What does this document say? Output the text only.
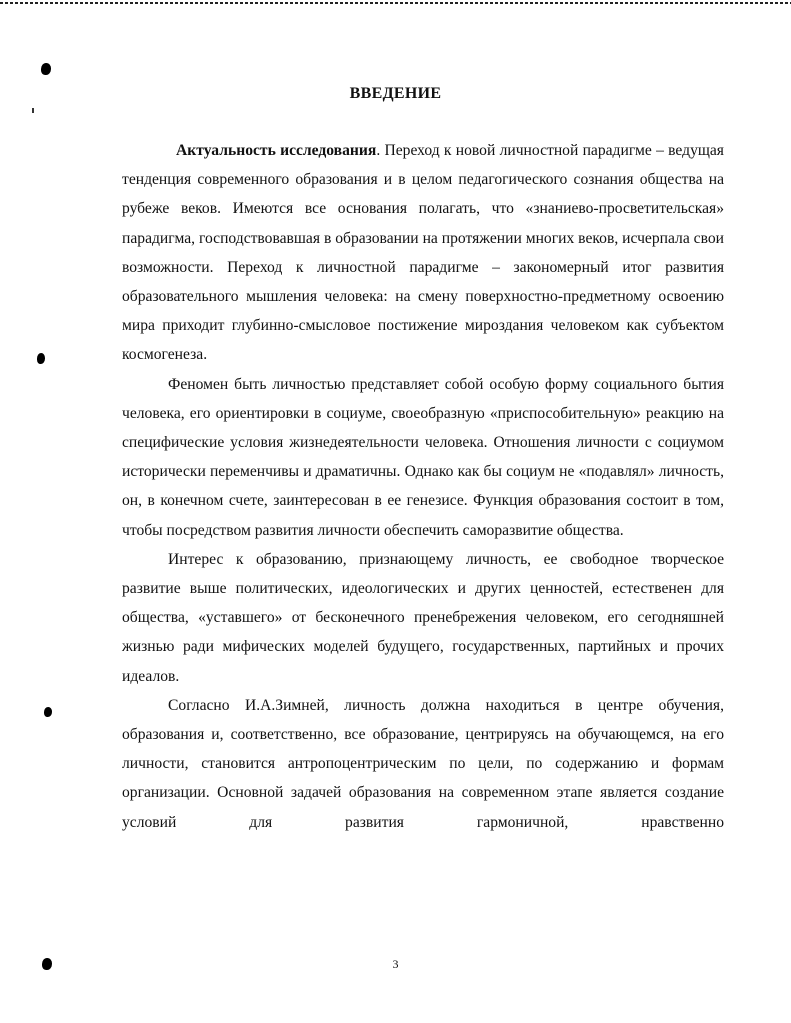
ВВЕДЕНИЕ

Актуальность исследования. Переход к новой личностной парадигме – ведущая тенденция современного образования и в целом педагогического сознания общества на рубеже веков. Имеются все основания полагать, что «знаниево-просветительская» парадигма, господствовавшая в образовании на протяжении многих веков, исчерпала свои возможности. Переход к личностной парадигме – закономерный итог развития образовательного мышления человека: на смену поверхностно-предметному освоению мира приходит глубинно-смысловое постижение мироздания человеком как субъектом космогенеза.

Феномен быть личностью представляет собой особую форму социального бытия человека, его ориентировки в социуме, своеобразную «приспособительную» реакцию на специфические условия жизнедеятельности человека. Отношения личности с социумом исторически переменчивы и драматичны. Однако как бы социум не «подавлял» личность, он, в конечном счете, заинтересован в ее генезисе. Функция образования состоит в том, чтобы посредством развития личности обеспечить саморазвитие общества.

Интерес к образованию, признающему личность, ее свободное творческое развитие выше политических, идеологических и других ценностей, естественен для общества, «уставшего» от бесконечного пренебрежения человеком, его сегодняшней жизнью ради мифических моделей будущего, государственных, партийных и прочих идеалов.

Согласно И.А.Зимней, личность должна находиться в центре обучения, образования и, соответственно, все образование, центрируясь на обучающемся, на его личности, становится антропоцентрическим по цели, по содержанию и формам организации. Основной задачей образования на современном этапе является создание условий для развития гармоничной, нравственно

3
